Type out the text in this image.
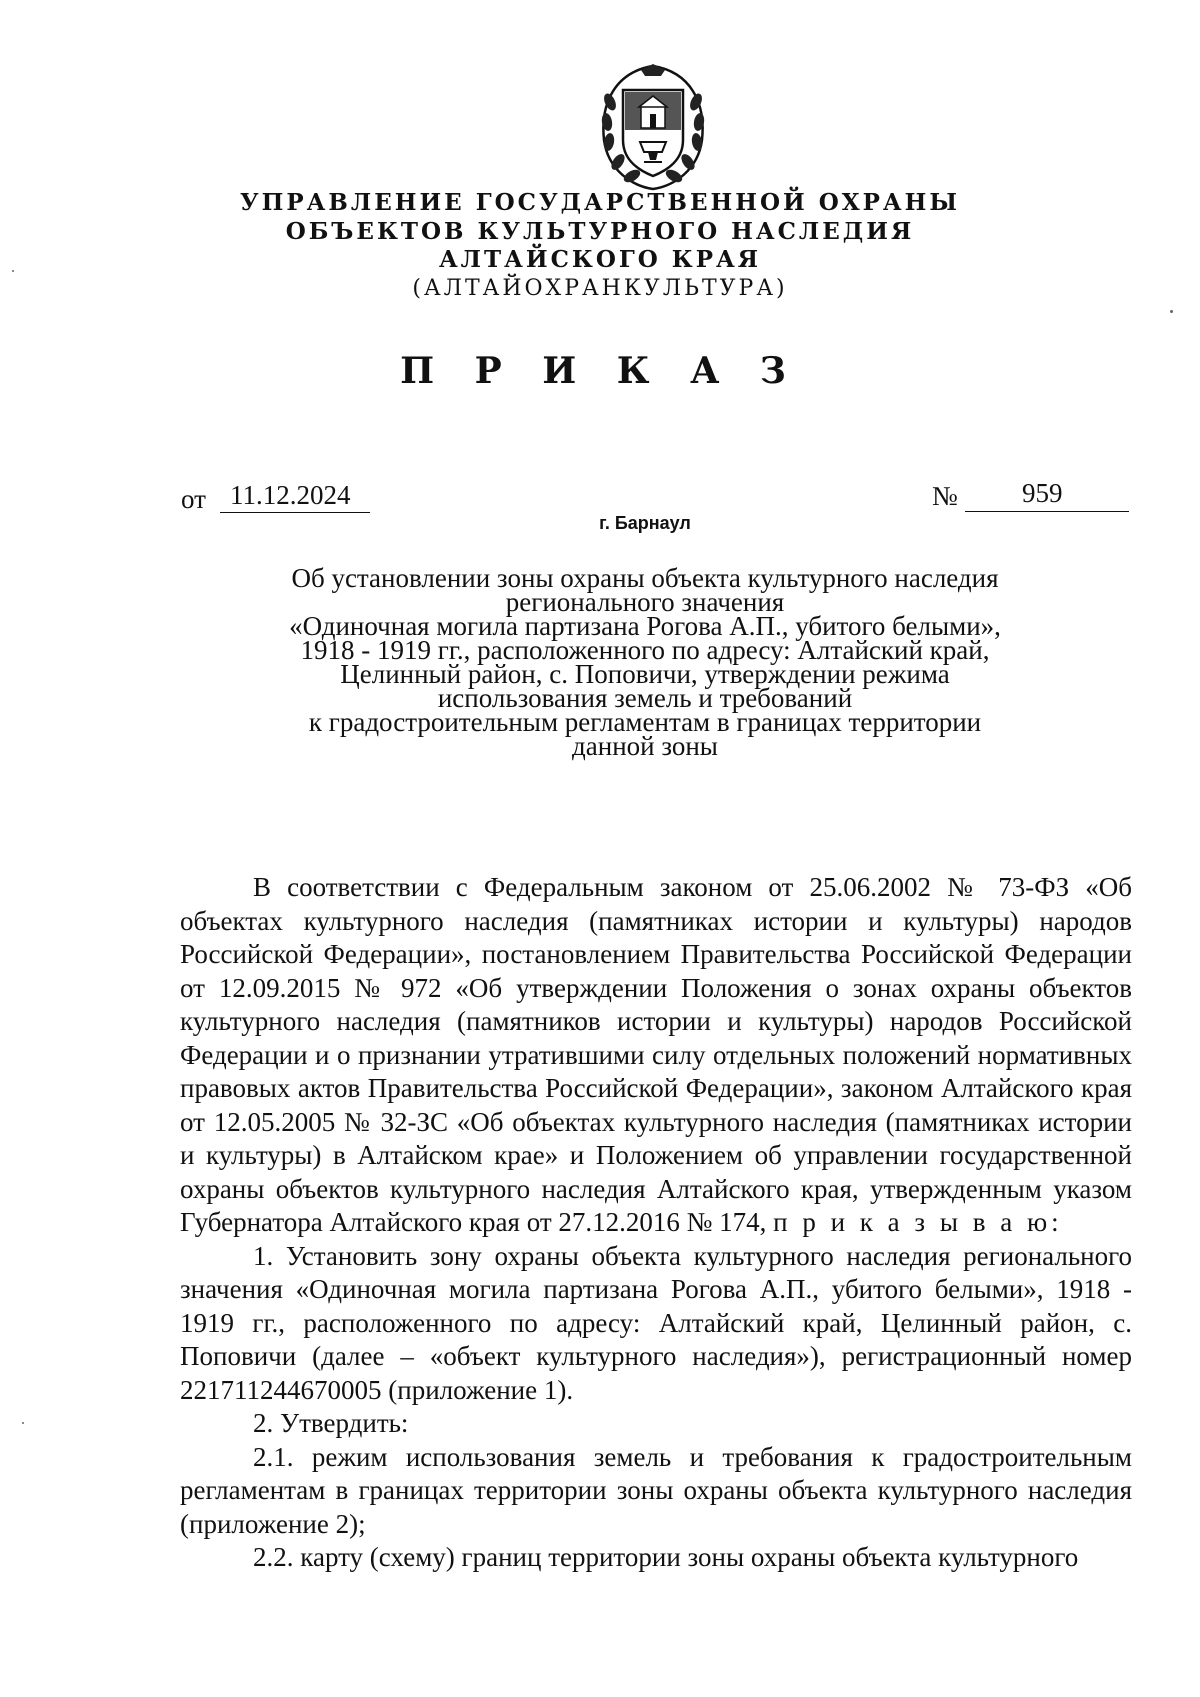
УПРАВЛЕНИЕ ГОСУДАРСТВЕННОЙ ОХРАНЫ
ОБЪЕКТОВ КУЛЬТУРНОГО НАСЛЕДИЯ
АЛТАЙСКОГО КРАЯ
(АЛТАЙОХРАНКУЛЬТУРА)
П Р И К А З
от 11.12.2024	№ 959
г. Барнаул
Об установлении зоны охраны объекта культурного наследия
регионального значения
«Одиночная могила партизана Рогова А.П., убитого белыми»,
1918 - 1919 гг., расположенного по адресу: Алтайский край,
Целинный район, с. Поповичи, утверждении режима
использования земель и требований
к градостроительным регламентам в границах территории
данной зоны

В соответствии с Федеральным законом от 25.06.2002 № 73-ФЗ «Об объектах культурного наследия (памятниках истории и культуры) народов Российской Федерации», постановлением Правительства Российской Федерации от 12.09.2015 № 972 «Об утверждении Положения о зонах охраны объектов культурного наследия (памятников истории и культуры) народов Российской Федерации и о признании утратившими силу отдельных положений нормативных правовых актов Правительства Российской Федерации», законом Алтайского края от 12.05.2005 № 32-ЗС «Об объектах культурного наследия (памятниках истории и культуры) в Алтайском крае» и Положением об управлении государственной охраны объектов культурного наследия Алтайского края, утвержденным указом Губернатора Алтайского края от 27.12.2016 № 174, п р и к а з ы в а ю:

1. Установить зону охраны объекта культурного наследия регионального значения «Одиночная могила партизана Рогова А.П., убитого белыми», 1918 - 1919 гг., расположенного по адресу: Алтайский край, Целинный район, с. Поповичи (далее – «объект культурного наследия»), регистрационный номер 221711244670005 (приложение 1).

2. Утвердить:

2.1. режим использования земель и требования к градостроительным регламентам в границах территории зоны охраны объекта культурного наследия (приложение 2);

2.2. карту (схему) границ территории зоны охраны объекта культурного
